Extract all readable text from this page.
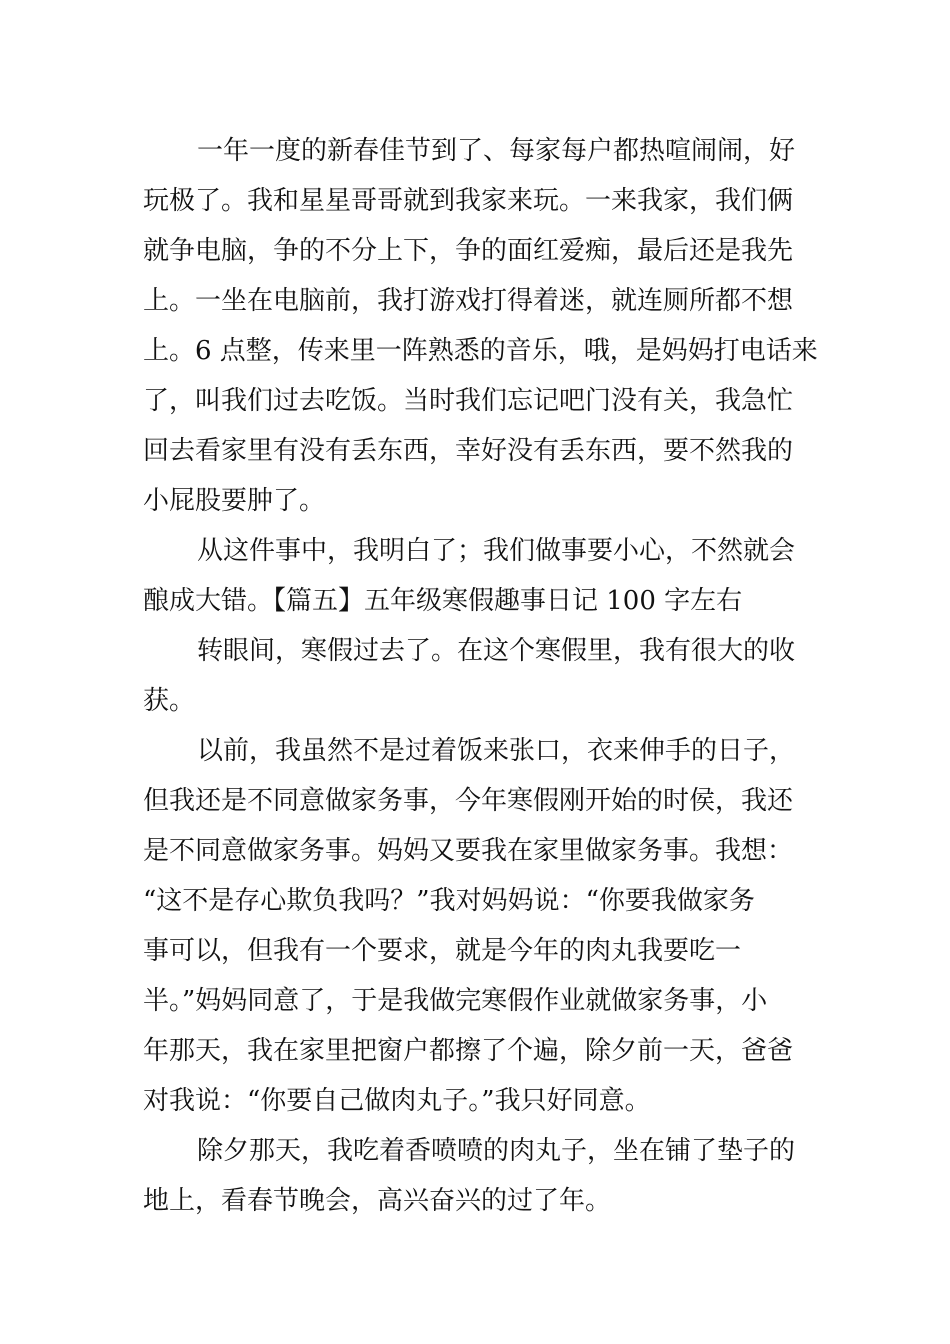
一年一度的新春佳节到了、每家每户都热喧闹闹，好
玩极了。我和星星哥哥就到我家来玩。一来我家，我们俩
就争电脑，争的不分上下，争的面红爱痴，最后还是我先
上。一坐在电脑前，我打游戏打得着迷，就连厕所都不想
上。6 点整，传来里一阵熟悉的音乐，哦，是妈妈打电话来
了，叫我们过去吃饭。当时我们忘记吧门没有关，我急忙
回去看家里有没有丢东西，幸好没有丢东西，要不然我的
小屁股要肿了。
从这件事中，我明白了；我们做事要小心，不然就会
酿成大错。【篇五】五年级寒假趣事日记 100 字左右
转眼间，寒假过去了。在这个寒假里，我有很大的收
获。
以前，我虽然不是过着饭来张口，衣来伸手的日子，
但我还是不同意做家务事，今年寒假刚开始的时侯，我还
是不同意做家务事。妈妈又要我在家里做家务事。我想：
“这不是存心欺负我吗？”我对妈妈说：“你要我做家务
事可以，但我有一个要求，就是今年的肉丸我要吃一
半。”妈妈同意了，于是我做完寒假作业就做家务事，小
年那天，我在家里把窗户都擦了个遍，除夕前一天，爸爸
对我说：“你要自己做肉丸子。”我只好同意。
除夕那天，我吃着香喷喷的肉丸子，坐在铺了垫子的
地上，看春节晚会，高兴奋兴的过了年。
